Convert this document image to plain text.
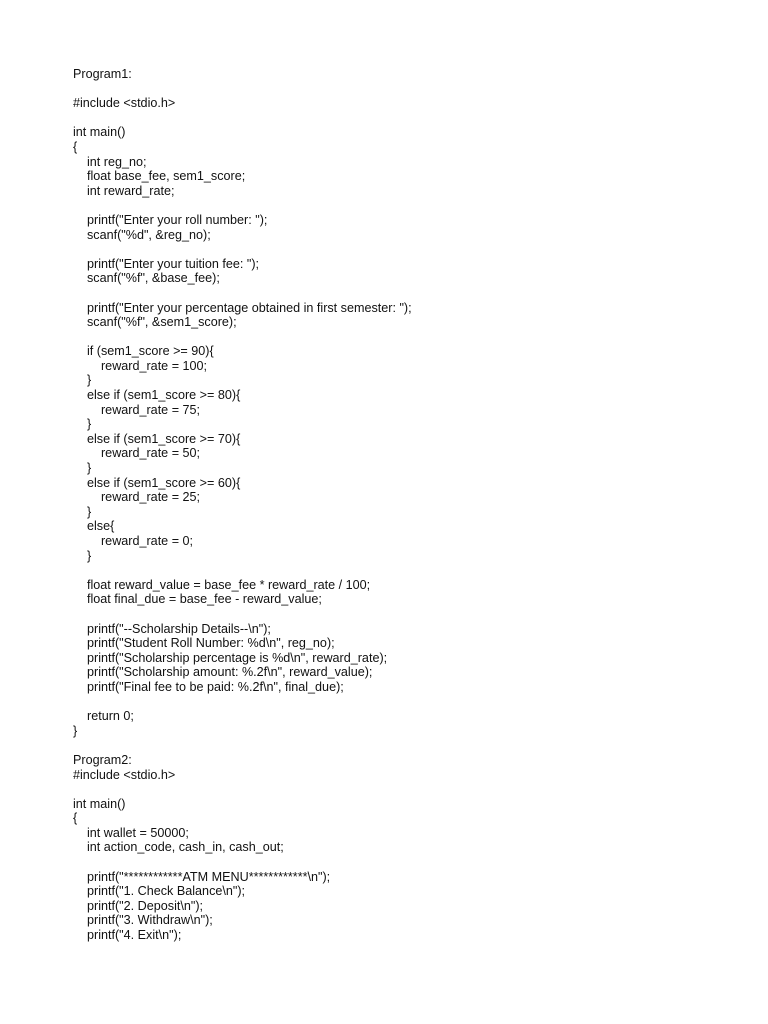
Program1:
#include <stdio.h>
int main()
{
int reg_no;
float base_fee, sem1_score;
int reward_rate;
printf("Enter your roll number: ");
scanf("%d", &reg_no);
printf("Enter your tuition fee: ");
scanf("%f", &base_fee);
printf("Enter your percentage obtained in first semester: ");
scanf("%f", &sem1_score);
if (sem1_score >= 90){
reward_rate = 100;
}
else if (sem1_score >= 80){
reward_rate = 75;
}
else if (sem1_score >= 70){
reward_rate = 50;
}
else if (sem1_score >= 60){
reward_rate = 25;
}
else{
reward_rate = 0;
}
float reward_value = base_fee * reward_rate / 100;
float final_due = base_fee - reward_value;
printf("--Scholarship Details--\n");
printf("Student Roll Number: %d\n", reg_no);
printf("Scholarship percentage is %d\n", reward_rate);
printf("Scholarship amount: %.2f\n", reward_value);
printf("Final fee to be paid: %.2f\n", final_due);
return 0;
}
Program2:
#include <stdio.h>
int main()
{
int wallet = 50000;
int action_code, cash_in, cash_out;
printf("************ATM MENU************\n");
printf("1. Check Balance\n");
printf("2. Deposit\n");
printf("3. Withdraw\n");
printf("4. Exit\n");
